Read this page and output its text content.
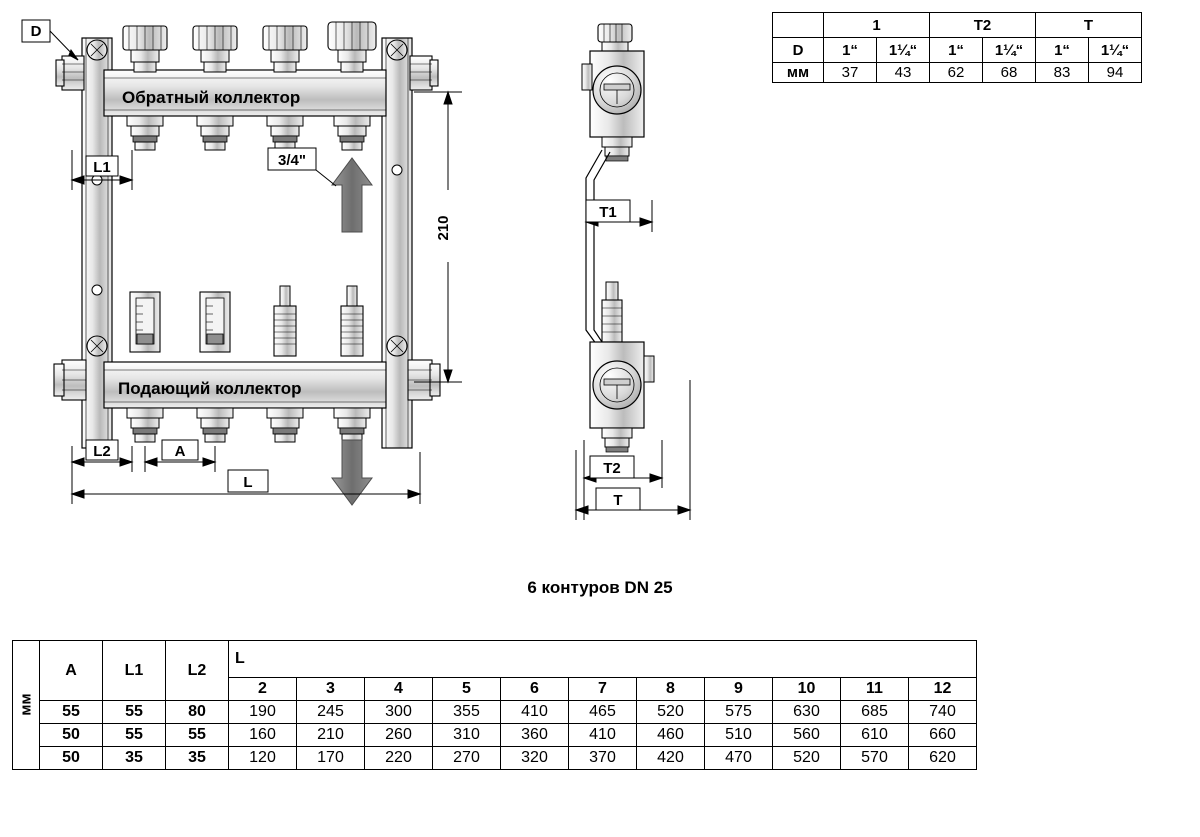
D
3/4"
210
L1
L2	A
L
Обратный коллектор
Подающий коллектор
T1
T2
T
	1		T2		T	
D	1“	1¼“	1“	1¼“	1“	1¼“
мм	37	43	62	68	83	94
6 контуров DN 25
мм	A	L1	L2	L										
				2	3	4	5	6	7	8	9	10	11	12
	55	55	80	190	245	300	355	410	465	520	575	630	685	740
	50	55	55	160	210	260	310	360	410	460	510	560	610	660
	50	35	35	120	170	220	270	320	370	420	470	520	570	620
